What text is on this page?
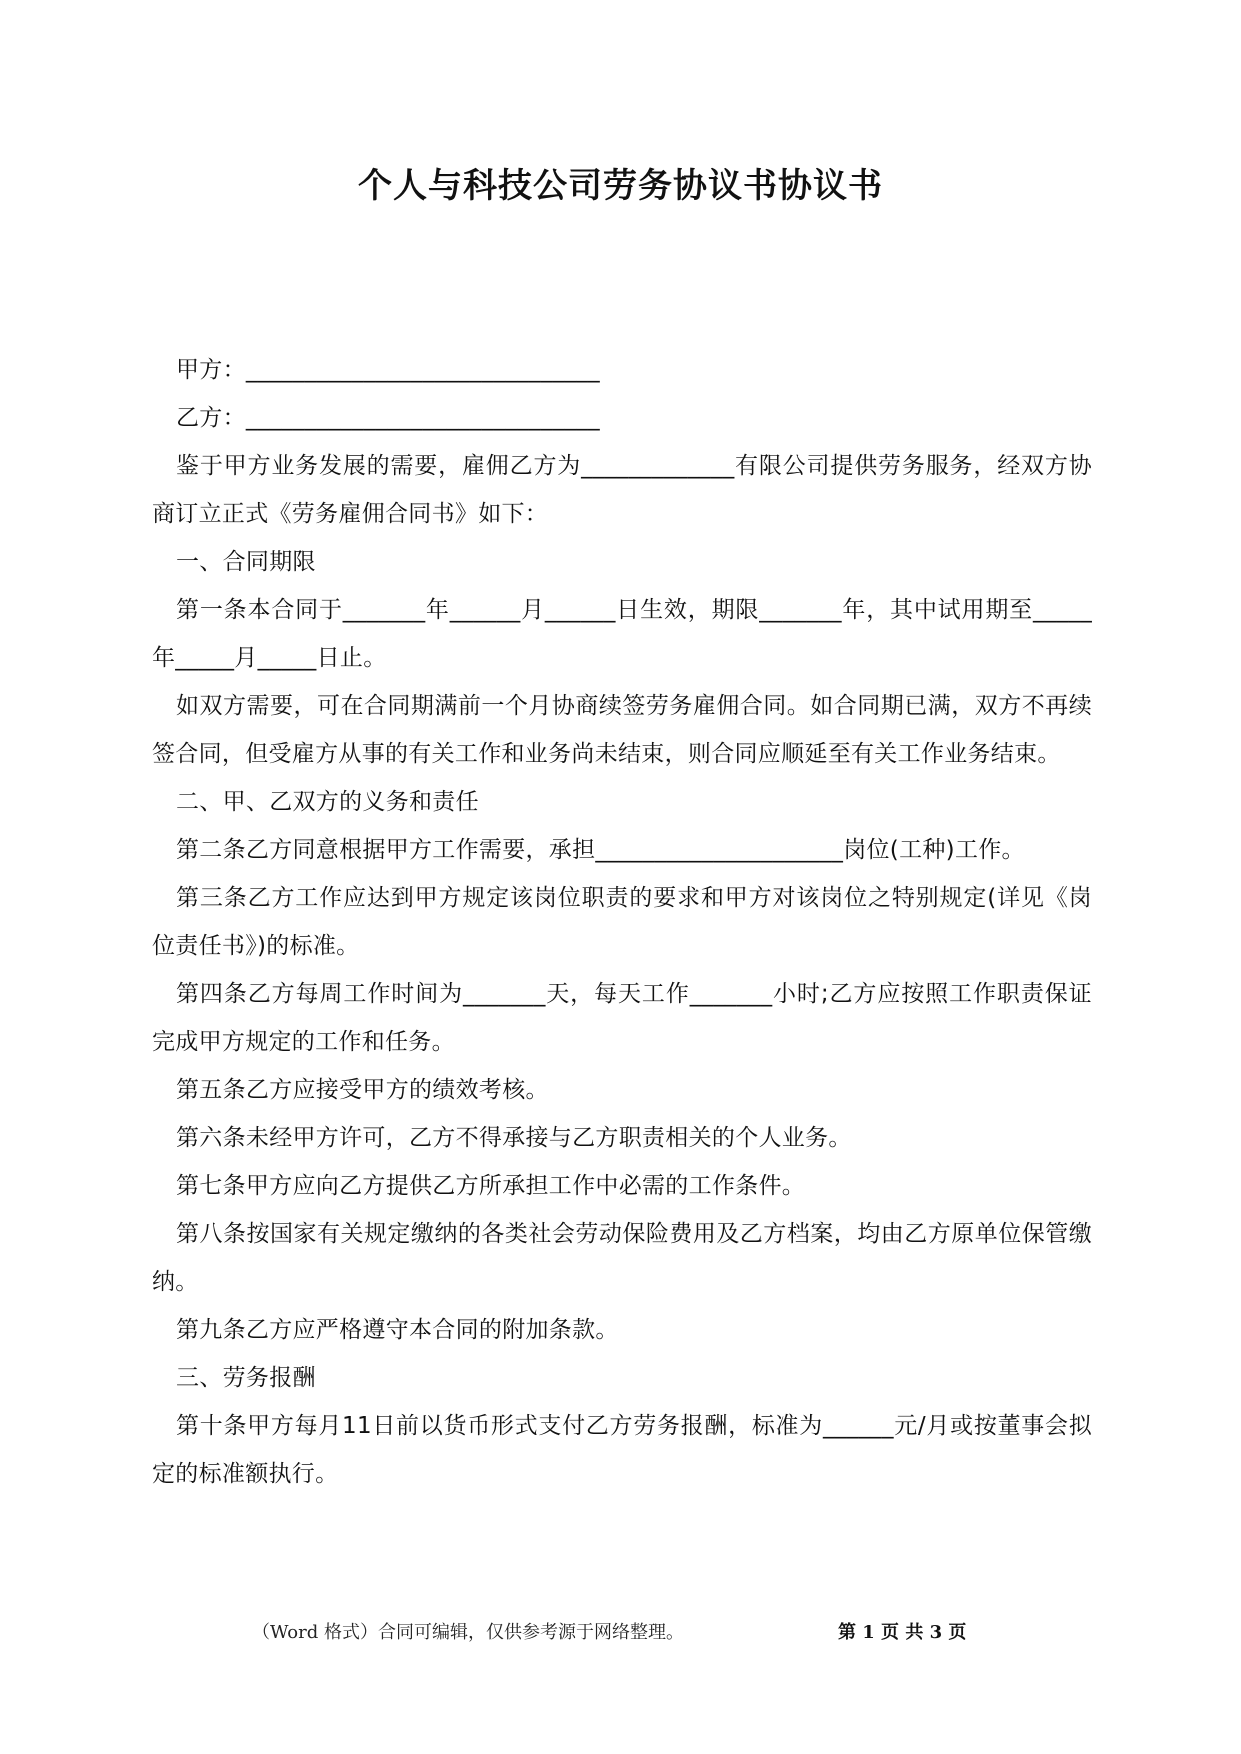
个人与科技公司劳务协议书协议书

甲方：______________________________

乙方：______________________________

鉴于甲方业务发展的需要，雇佣乙方为_____________有限公司提供劳务服务，经双方协商订立正式《劳务雇佣合同书》如下：

一、合同期限

第一条本合同于_______年______月______日生效，期限_______年，其中试用期至_____年_____月_____日止。

如双方需要，可在合同期满前一个月协商续签劳务雇佣合同。如合同期已满，双方不再续签合同，但受雇方从事的有关工作和业务尚未结束，则合同应顺延至有关工作业务结束。

二、甲、乙双方的义务和责任

第二条乙方同意根据甲方工作需要，承担_____________________岗位(工种)工作。

第三条乙方工作应达到甲方规定该岗位职责的要求和甲方对该岗位之特别规定(详见《岗位责任书》)的标准。

第四条乙方每周工作时间为_______天，每天工作_______小时;乙方应按照工作职责保证完成甲方规定的工作和任务。

第五条乙方应接受甲方的绩效考核。

第六条未经甲方许可，乙方不得承接与乙方职责相关的个人业务。

第七条甲方应向乙方提供乙方所承担工作中必需的工作条件。

第八条按国家有关规定缴纳的各类社会劳动保险费用及乙方档案，均由乙方原单位保管缴纳。

第九条乙方应严格遵守本合同的附加条款。

三、劳务报酬

第十条甲方每月11日前以货币形式支付乙方劳务报酬，标准为______元/月或按董事会拟定的标准额执行。

（Word 格式）合同可编辑，仅供参考源于网络整理。	第 1 页 共 3 页
